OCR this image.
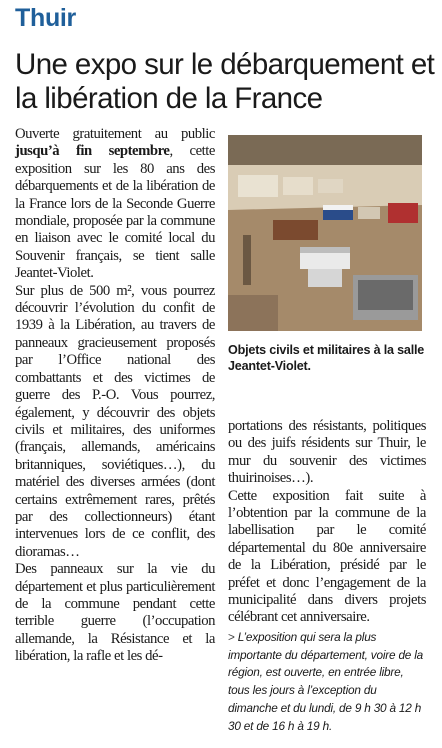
Thuir
Une expo sur le débarquement et la libération de la France

Ouverte gratuitement au public jusqu’à fin septembre, cette exposition sur les 80 ans des débarquements et de la libération de la France lors de la Seconde Guerre mondiale, proposée par la commune en liaison avec le comité local du Souvenir français, se tient salle Jeantet-Violet.

Sur plus de 500 m², vous pourrez découvrir l’évolution du confit de 1939 à la Libération, au travers de panneaux gracieusement proposés par l’Office national des combattants et des victimes de guerre des P.-O. Vous pourrez, également, y découvrir des objets civils et militaires, des uniformes (français, allemands, américains britanniques, soviétiques…), du matériel des diverses armées (dont certains extrêmement rares, prêtés par des collectionneurs) étant intervenues lors de ce conflit, des dioramas…

Des panneaux sur la vie du département et plus particulièrement de la commune pendant cette terrible guerre (l’occupation allemande, la Résistance et la libération, la rafle et les dé-

Objets civils et militaires à la salle Jeantet-Violet.

portations des résistants, politiques ou des juifs résidents sur Thuir, le mur du souvenir des victimes thuirinoises…).

Cette exposition fait suite à l’obtention par la commune de la labellisation par le comité départemental du 80e anniversaire de la Libération, présidé par le préfet et donc l’engagement de la municipalité dans divers projets célébrant cet anniversaire.

> L’exposition qui sera la plus importante du département, voire de la région, est ouverte, en entrée libre, tous les jours à l’exception du dimanche et du lundi, de 9 h 30 à 12 h 30 et de 16 h à 19 h.
